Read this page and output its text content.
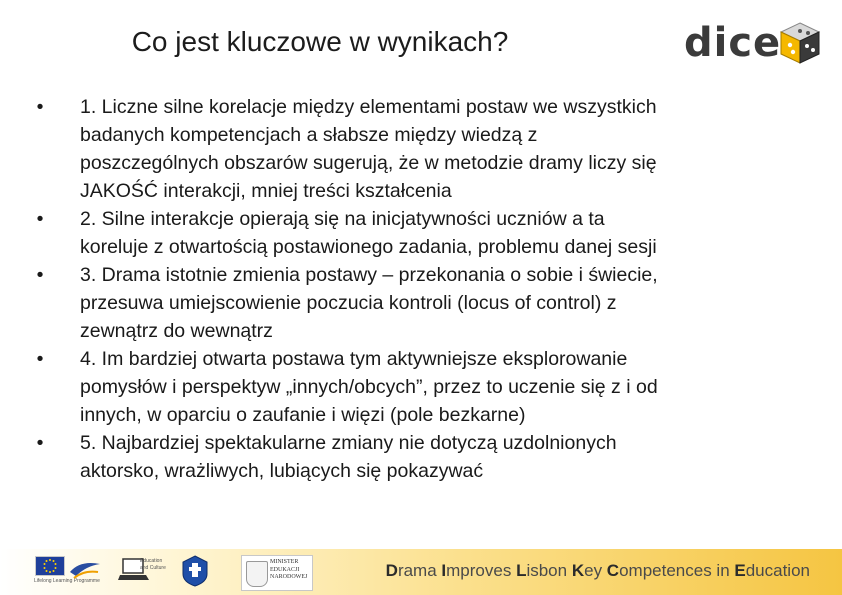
Co jest kluczowe w wynikach?	dice
•	1. Liczne silne korelacje między elementami postaw we wszystkich
badanych kompetencjach a słabsze między wiedzą z
poszczególnych obszarów sugerują, że w metodzie dramy liczy się
JAKOŚĆ interakcji, mniej treści kształcenia
•	2. Silne interakcje opierają się na inicjatywności uczniów a ta
koreluje z otwartością postawionego zadania, problemu danej sesji
•	3. Drama istotnie zmienia postawy – przekonania o sobie i świecie,
przesuwa umiejscowienie poczucia kontroli (locus of control) z
zewnątrz do wewnątrz
•	4. Im bardziej otwarta postawa tym aktywniejsze eksplorowanie
pomysłów i perspektyw „innych/obcych”, przez to uczenie się z i od
innych, w oparciu o zaufanie i więzi (pole bezkarne)
•	5. Najbardziej spektakularne zmiany nie dotyczą uzdolnionych
aktorsko, wrażliwych, lubiących się pokazywać
Lifelong Learning Programme
Education
and Culture
MINISTER
EDUKACJI
NARODOWEJ	Drama Improves Lisbon Key Competences in Education
